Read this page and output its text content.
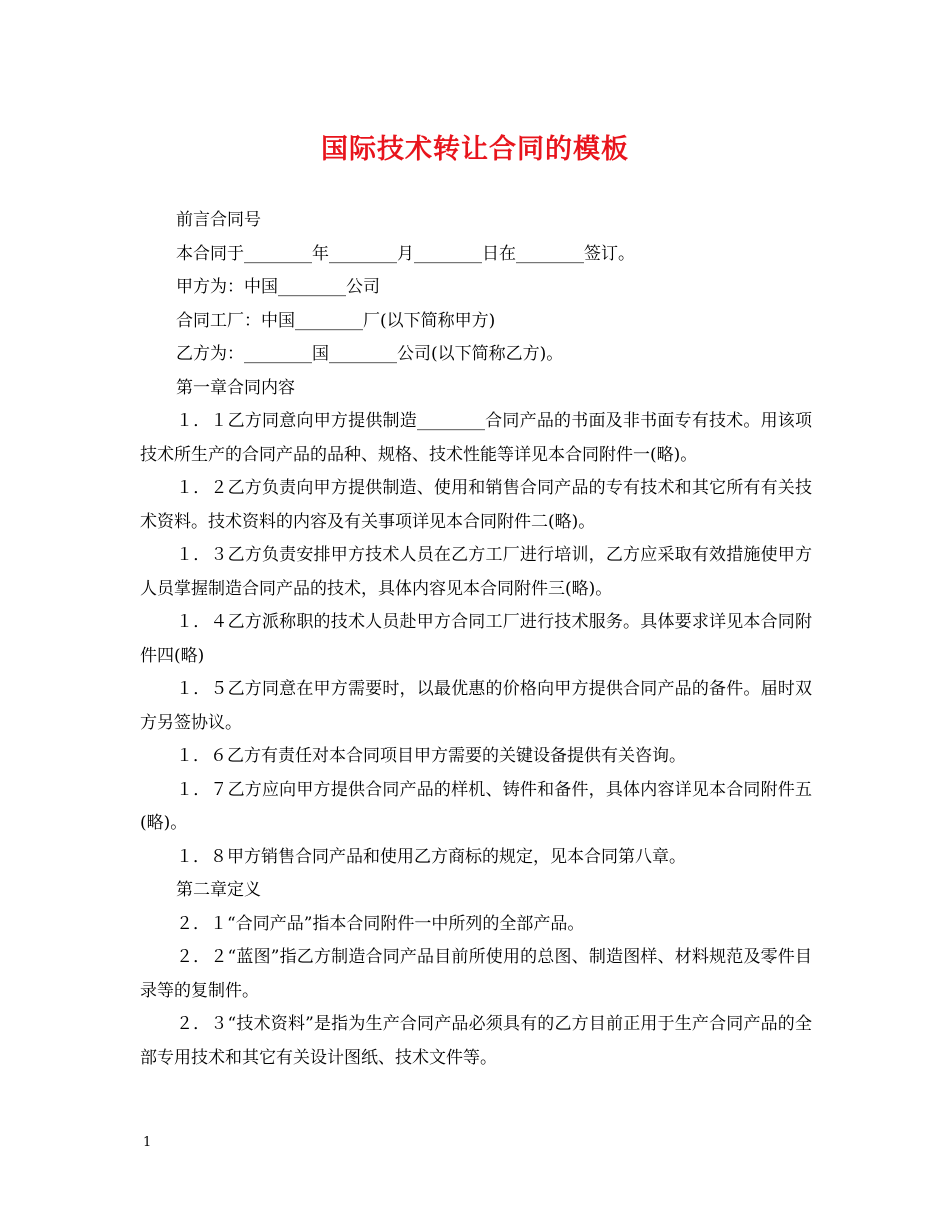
国际技术转让合同的模板

前言合同号

本合同于________年________月________日在________签订。

甲方为：中国________公司

合同工厂：中国________厂(以下简称甲方)

乙方为：________国________公司(以下简称乙方)。

第一章合同内容

１．１乙方同意向甲方提供制造________合同产品的书面及非书面专有技术。用该项技术所生产的合同产品的品种、规格、技术性能等详见本合同附件一(略)。

１．２乙方负责向甲方提供制造、使用和销售合同产品的专有技术和其它所有有关技术资料。技术资料的内容及有关事项详见本合同附件二(略)。

１．３乙方负责安排甲方技术人员在乙方工厂进行培训，乙方应采取有效措施使甲方人员掌握制造合同产品的技术，具体内容见本合同附件三(略)。

１．４乙方派称职的技术人员赴甲方合同工厂进行技术服务。具体要求详见本合同附件四(略)

１．５乙方同意在甲方需要时，以最优惠的价格向甲方提供合同产品的备件。届时双方另签协议。

１．６乙方有责任对本合同项目甲方需要的关键设备提供有关咨询。

１．７乙方应向甲方提供合同产品的样机、铸件和备件，具体内容详见本合同附件五(略)。

１．８甲方销售合同产品和使用乙方商标的规定，见本合同第八章。

第二章定义

２．１“合同产品”指本合同附件一中所列的全部产品。

２．２“蓝图”指乙方制造合同产品目前所使用的总图、制造图样、材料规范及零件目录等的复制件。

２．３“技术资料”是指为生产合同产品必须具有的乙方目前正用于生产合同产品的全部专用技术和其它有关设计图纸、技术文件等。

1
